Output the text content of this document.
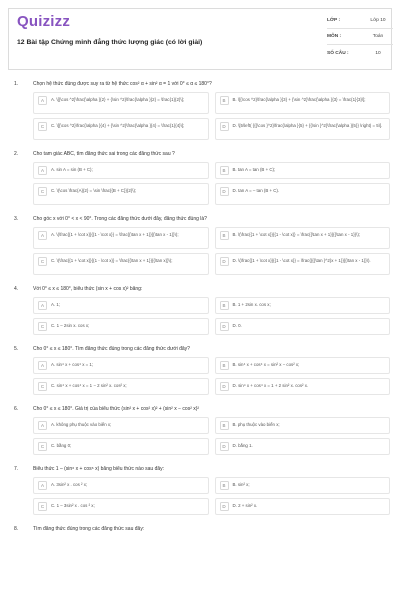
Quizizz
12 Bài tập Chứng minh đẳng thức lượng giác (có lời giải)
LỚP :	Lớp 10
MÔN :	Toán
SỐ CÂU :	10
1.	Chọn hệ thức đúng được suy ra từ hệ thức cos² α + sin² α = 1 với 0° ≤ α ≤ 180°?
A	A. \[{\cos ^2}\frac{\alpha }{2} + {\sin ^2}\frac{\alpha }{2} = \frac{1}{2}\];	B	B. \[{\cos ^2}\frac{\alpha }{3} + {\sin ^2}\frac{\alpha }{3} = \frac{1}{3}\];
C	C. \[{\cos ^2}\frac{\alpha }{4} + {\sin ^2}\frac{\alpha }{4} = \frac{1}{4}\];	D	D. \[5\left( {{{\cos }^2}\frac{\alpha }{5} + {{\sin }^2}\frac{\alpha }{5}} \right) = 5\].
2.	Cho tam giác ABC, tìm đẳng thức sai trong các đẳng thức sau ?
A	A. sin A = sin (B + C);	B	B. tan A = tan (B + C);
C	C. \(\cos \frac{A}{2} = \sin \frac{{B + C}}{2}\);	D	D. tan A = – tan (B + C).
3.	Cho góc x với 0° < x < 90°. Trong các đẳng thức dưới đây, đẳng thức đúng là?
A	A. \(\frac{{1 + \cot x}}{{1 - \cot x}} = \frac{{\tan x + 1}}{{\tan x - 1}}\);	B	B. \(\frac{{1 + \cot x}}{{1 - \cot x}} = \frac{{\tan x + 1}}{{\tan x - 1}}\);
C	C. \(\frac{{1 + \cot x}}{{1 - \cot x}} = \frac{{\tan x + 1}}{{\tan x}}\);	D	D. \(\frac{{1 + \cot x}}{{1 - \cot x}} = \frac{{{{\tan }^2}x + 1}}{{\tan x - 1}}\).
4.	Với 0° ≤ x ≤ 180°, biểu thức (sin x + cos x)² bằng:
A	A. 1;	B	B. 1 + 2sin x. cos x;
C	C. 1 – 2sin x. cos x;	D	D. 0.
5.	Cho 0° ≤ x ≤ 180°. Tìm đẳng thức đúng trong các đẳng thức dưới đây?
A	A. sin⁴ x + cos⁴ x = 1;	B	B. sin⁴ x + cos⁴ x = sin² x − cos² x;
C	C. sin⁴ x + cos⁴ x = 1 − 2 sin² x. cos² x;	D	D. sin⁴ x + cos⁴ x = 1 + 2 sin² x. cos² x.
6.	Cho 0° ≤ x ≤ 180°. Giá trị của biểu thức (sin² x + cos² x)² + (sin² x − cos² x)²
A	A. không phụ thuộc vào biến x;	B	B. phụ thuộc vào biến x;
C	C. bằng 0;	D	D. bằng 1.
7.	Biểu thức 1 – (sin⁶ x + cos⁶ x) bằng biểu thức nào sau đây:
A	A. 3sin² x . cos ² x;	B	B. sin² x;
C	C. 1 – 3sin² x . cos ² x;	D	D. 2 + sin² x.
8.	Tìm đẳng thức đúng trong các đẳng thức sau đây:
